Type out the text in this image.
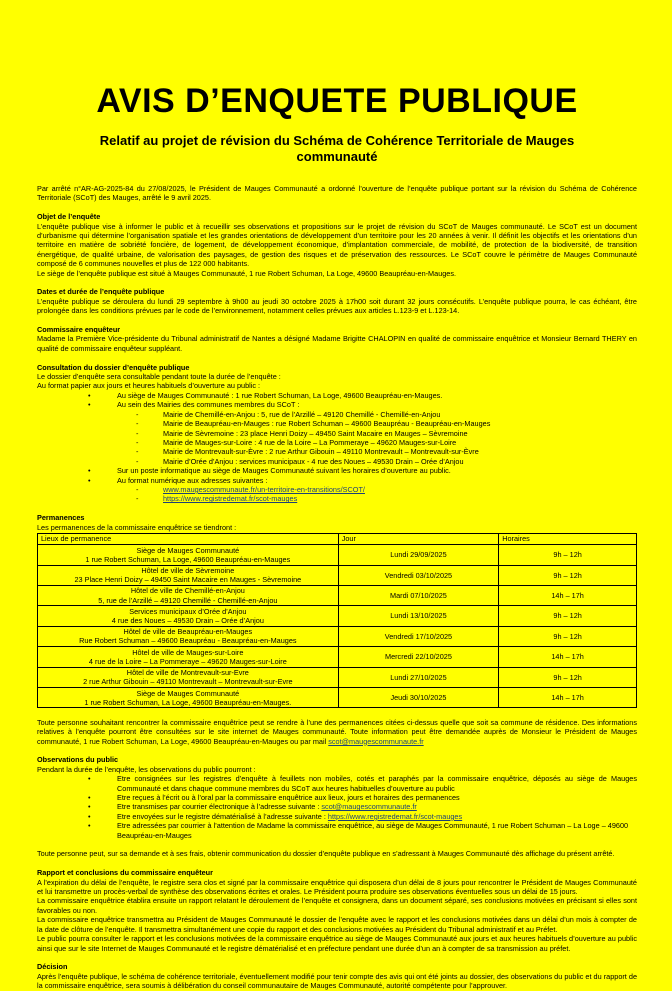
AVIS D’ENQUETE PUBLIQUE
Relatif au projet de révision du Schéma de Cohérence Territoriale de Mauges communauté
Par arrêté n°AR-AG-2025-84 du 27/08/2025, le Président de Mauges Communauté a ordonné l’ouverture de l’enquête publique portant sur la révision du Schéma de Cohérence Territoriale (SCoT) des Mauges, arrêté le 9 avril 2025.
Objet de l’enquête
L’enquête publique vise à informer le public et à recueillir ses observations et propositions sur le projet de révision du SCoT de Mauges communauté. Le SCoT est un document d’urbanisme qui détermine l’organisation spatiale et les grandes orientations de développement d’un territoire pour les 20 années à venir. Il définit les objectifs et les orientations d’un territoire en matière de sobriété foncière, de logement, de développement économique, d’implantation commerciale, de mobilité, de protection de la biodiversité, de transition énergétique, de qualité urbaine, de valorisation des paysages, de gestion des risques et de préservation des ressources. Le SCoT couvre le périmètre de Mauges Communauté composé de 6 communes nouvelles et plus de 122 000 habitants.
Le siège de l’enquête publique est situé à Mauges Communauté, 1 rue Robert Schuman, La Loge, 49600 Beaupréau-en-Mauges.
Dates et durée de l’enquête publique
L’enquête publique se déroulera du lundi 29 septembre à 9h00 au jeudi 30 octobre 2025 à 17h00 soit durant 32 jours consécutifs. L’enquête publique pourra, le cas échéant, être prolongée dans les conditions prévues par le code de l’environnement, notamment celles prévues aux articles L.123-9 et L.123-14.
Commissaire enquêteur
Madame la Première Vice-présidente du Tribunal administratif de Nantes a désigné Madame Brigitte CHALOPIN en qualité de commissaire enquêtrice et Monsieur Bernard THERY en qualité de commissaire enquêteur suppléant.
Consultation du dossier d’enquête publique
Le dossier d’enquête sera consultable pendant toute la durée de l’enquête :
Au format papier aux jours et heures habituels d’ouverture au public :
• Au siège de Mauges Communauté : 1 rue Robert Schuman, La Loge, 49600 Beaupréau-en-Mauges.
• Au sein des Mairies des communes membres du SCoT :
- Mairie de Chemillé-en-Anjou : 5, rue de l’Arzillé – 49120 Chemillé - Chemillé-en-Anjou
- Mairie de Beaupréau-en-Mauges : rue Robert Schuman – 49600 Beaupréau - Beaupréau-en-Mauges
- Mairie de Sèvremoine : 23 place Henri Doizy – 49450 Saint Macaire en Mauges – Sèvremoine
- Mairie de Mauges-sur-Loire : 4 rue de la Loire – La Pommeraye – 49620 Mauges-sur-Loire
- Mairie de Montrevault-sur-Èvre : 2 rue Arthur Gibouin – 49110 Montrevault – Montrevault-sur-Èvre
- Mairie d’Orée d’Anjou : services municipaux - 4 rue des Noues – 49530 Drain – Orée d’Anjou
• Sur un poste informatique au siège de Mauges Communauté suivant les horaires d’ouverture au public.
• Au format numérique aux adresses suivantes :
- www.maugescommunaute.fr/un-territoire-en-transitions/SCOT/
- https://www.registredemat.fr/scot-mauges
Permanences
Les permanences de la commissaire enquêtrice se tiendront :
Lieux de permanence	Jour	Horaires
Siège de Mauges Communauté
1 rue Robert Schuman, La Loge, 49600 Beaupréau-en-Mauges	Lundi 29/09/2025	9h – 12h
Hôtel de ville de Sèvremoine
23 Place Henri Doizy – 49450 Saint Macaire en Mauges - Sèvremoine	Vendredi 03/10/2025	9h – 12h
Hôtel de ville de Chemillé-en-Anjou
5, rue de l’Arzillé – 49120 Chemillé - Chemillé-en-Anjou	Mardi 07/10/2025	14h – 17h
Services municipaux d’Orée d’Anjou
4 rue des Noues – 49530 Drain – Orée d’Anjou	Lundi 13/10/2025	9h – 12h
Hôtel de ville de Beaupréau-en-Mauges
Rue Robert Schuman – 49600 Beaupréau - Beaupréau-en-Mauges	Vendredi 17/10/2025	9h – 12h
Hôtel de ville de Mauges-sur-Loire
4 rue de la Loire – La Pommeraye – 49620 Mauges-sur-Loire	Mercredi 22/10/2025	14h – 17h
Hôtel de ville de Montrevault-sur-Evre
2 rue Arthur Gibouin – 49110 Montrevault – Montrevault-sur-Evre	Lundi 27/10/2025	9h – 12h
Siège de Mauges Communauté
1 rue Robert Schuman, La Loge, 49600 Beaupréau-en-Mauges.	Jeudi 30/10/2025	14h – 17h
Toute personne souhaitant rencontrer la commissaire enquêtrice peut se rendre à l’une des permanences citées ci-dessus quelle que soit sa commune de résidence. Des informations relatives à l’enquête pourront être consultées sur le site internet de Mauges communauté. Toute information peut être demandée auprès de Monsieur le Président de Mauges communauté, 1 rue Robert Schuman, La Loge, 49600 Beaupréau-en-Mauges ou par mail scot@maugescommunaute.fr
Observations du public
Pendant la durée de l’enquête, les observations du public pourront :
• Etre consignées sur les registres d’enquête à feuillets non mobiles, cotés et paraphés par la commissaire enquêtrice, déposés au siège de Mauges Communauté et dans chaque commune membres du SCoT aux heures habituelles d’ouverture au public
• Etre reçues à l’écrit ou à l’oral par la commissaire enquêtrice aux lieux, jours et horaires des permanences
• Etre transmises par courrier électronique à l’adresse suivante : scot@maugescommunaute.fr
• Etre envoyées sur le registre dématérialisé à l’adresse suivante : https://www.registredemat.fr/scot-mauges
• Etre adressées par courrier à l’attention de Madame la commissaire enquêtrice, au siège de Mauges Communauté, 1 rue Robert Schuman – La Loge – 49600 Beaupréau-en-Mauges
Toute personne peut, sur sa demande et à ses frais, obtenir communication du dossier d’enquête publique en s’adressant à Mauges Communauté dès affichage du présent arrêté.
Rapport et conclusions du commissaire enquêteur
A l’expiration du délai de l’enquête, le registre sera clos et signé par la commissaire enquêtrice qui disposera d’un délai de 8 jours pour rencontrer le Président de Mauges Communauté et lui transmettre un procès-verbal de synthèse des observations écrites et orales. Le Président pourra produire ses observations éventuelles sous un délai de 15 jours.
La commissaire enquêtrice établira ensuite un rapport relatant le déroulement de l’enquête et consignera, dans un document séparé, ses conclusions motivées en précisant si elles sont favorables ou non.
La commissaire enquêtrice transmettra au Président de Mauges Communauté le dossier de l’enquête avec le rapport et les conclusions motivées dans un délai d’un mois à compter de la date de clôture de l’enquête. Il transmettra simultanément une copie du rapport et des conclusions motivées au Président du Tribunal administratif et au Préfet.
Le public pourra consulter le rapport et les conclusions motivées de la commissaire enquêtrice au siège de Mauges Communauté aux jours et aux heures habituels d’ouverture au public ainsi que sur le site Internet de Mauges Communauté et le registre dématérialisé et en préfecture pendant une durée d’un an à compter de sa transmission au préfet.
Décision
Après l’enquête publique, le schéma de cohérence territoriale, éventuellement modifié pour tenir compte des avis qui ont été joints au dossier, des observations du public et du rapport de la commissaire enquêtrice, sera soumis à délibération du conseil communautaire de Mauges Communauté, autorité compétente pour l’approuver.
